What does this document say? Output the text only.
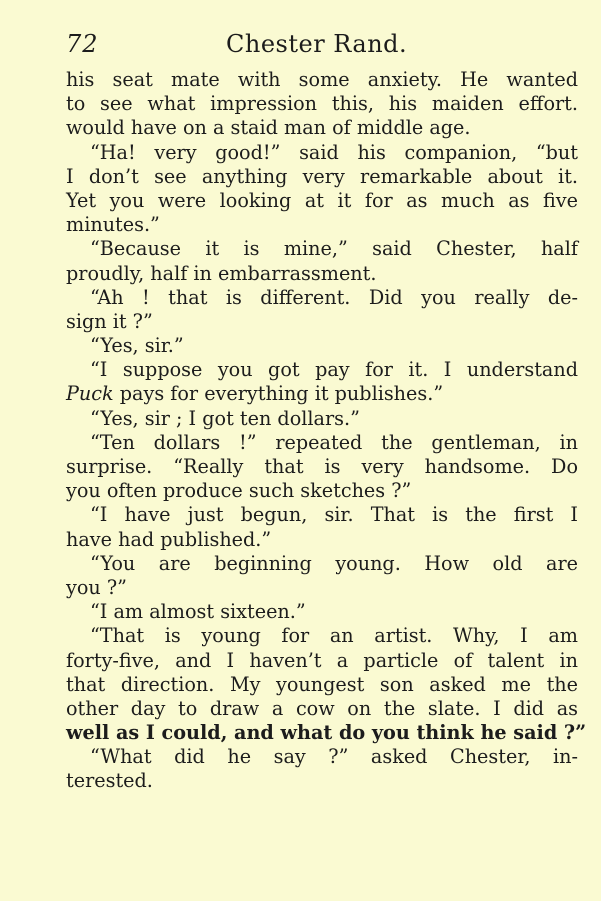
72	Chester Rand.
his seat mate with some anxiety. He wanted
to see what impression this, his maiden effort.
would have on a staid man of middle age.
“Ha! very good!” said his companion, “but
I don’t see anything very remarkable about it.
Yet you were looking at it for as much as five
minutes.”
“Because it is mine,” said Chester, half
proudly, half in embarrassment.
“Ah ! that is different. Did you really de-
sign it ?”
“Yes, sir.”
“I suppose you got pay for it. I understand
Puck pays for everything it publishes.”
“Yes, sir ; I got ten dollars.”
“Ten dollars !” repeated the gentleman, in
surprise. “Really that is very handsome. Do
you often produce such sketches ?”
“I have just begun, sir. That is the first I
have had published.”
“You are beginning young. How old are
you ?”
“I am almost sixteen.”
“That is young for an artist. Why, I am
forty-five, and I haven’t a particle of talent in
that direction. My youngest son asked me the
other day to draw a cow on the slate. I did as
well as I could, and what do you think he said ?”
“What did he say ?” asked Chester, in-
terested.
